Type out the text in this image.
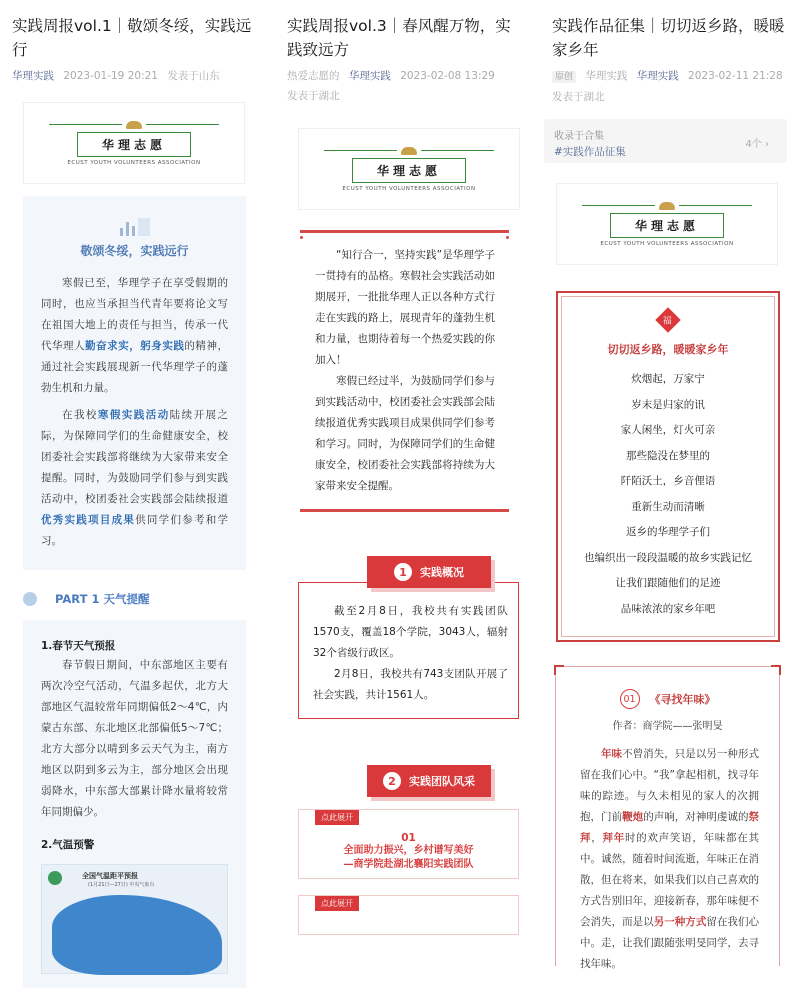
实践周报vol.1｜敬颂冬绥，实践远行
华理实践 2023-01-19 20:21 发表于山东
华理志愿
ECUST YOUTH VOLUNTEERS ASSOCIATION
敬颂冬绥，实践远行

寒假已至，华理学子在享受假期的同时，也应当承担当代青年要将论文写在祖国大地上的责任与担当，传承一代代华理人勤奋求实，躬身实践的精神，通过社会实践展现新一代华理学子的蓬勃生机和力量。

在我校寒假实践活动陆续开展之际，为保障同学们的生命健康安全，校团委社会实践部将继续为大家带来安全提醒。同时，为鼓励同学们参与到实践活动中，校团委社会实践部会陆续报道优秀实践项目成果供同学们参考和学习。

PART 1 天气提醒
1.春节天气预报

春节假日期间，中东部地区主要有两次冷空气活动，气温多起伏，北方大部地区气温较常年同期偏低2～4℃，内蒙古东部、东北地区北部偏低5～7℃；北方大部分以晴到多云天气为主，南方地区以阴到多云为主，部分地区会出现弱降水，中东部大部累计降水量将较常年同期偏少。

2.气温预警
全国气温距平预报
(1月21日—27日) 中央气象台
实践周报vol.3｜春风醒万物，实践致远方
热爱志愿的 华理实践 2023-02-08 13:29
发表于湖北
华理志愿
ECUST YOUTH VOLUNTEERS ASSOCIATION

“知行合一，坚持实践”是华理学子一贯持有的品格。寒假社会实践活动如期展开，一批批华理人正以各种方式行走在实践的路上，展现青年的蓬勃生机和力量，也期待着每一个热爱实践的你加入！

寒假已经过半，为鼓励同学们参与到实践活动中，校团委社会实践部会陆续报道优秀实践项目成果供同学们参考和学习。同时，为保障同学们的生命健康安全，校团委社会实践部将持续为大家带来安全提醒。

1	实践概况

截至2月8日，我校共有实践团队1570支，覆盖18个学院，3043人，辐射32个省级行政区。

2月8日，我校共有743支团队开展了社会实践，共计1561人。

2	实践团队风采
点此展开
01
全面助力振兴，乡村谱写美好
—商学院赴湖北襄阳实践团队
点此展开
实践作品征集｜切切返乡路，暖暖家乡年
原创 华理实践 华理实践 2023-02-11 21:28
发表于湖北
收录于合集
#实践作品征集
4个 ›
华理志愿
ECUST YOUTH VOLUNTEERS ASSOCIATION
福
切切返乡路，暖暖家乡年
炊烟起，万家宁
岁末是归家的讯
家人闲坐，灯火可亲
那些隐没在梦里的
阡陌沃土，乡音俚语
重新生动而清晰
返乡的华理学子们
也编织出一段段温暖的故乡实践记忆
让我们跟随他们的足迹
品味浓浓的家乡年吧
01	《寻找年味》
作者：商学院——张明旻

年味不曾消失，只是以另一种形式留在我们心中。“我”拿起相机，找寻年味的踪迹。与久未相见的家人的次拥抱，门前鞭炮的声响，对神明虔诚的祭拜，拜年时的欢声笑语，年味都在其中。诚然，随着时间流逝，年味正在消散，但在将来，如果我们以自己喜欢的方式告别旧年，迎接新春，那年味便不会消失，而是以另一种方式留在我们心中。走，让我们跟随张明旻同学，去寻找年味。
